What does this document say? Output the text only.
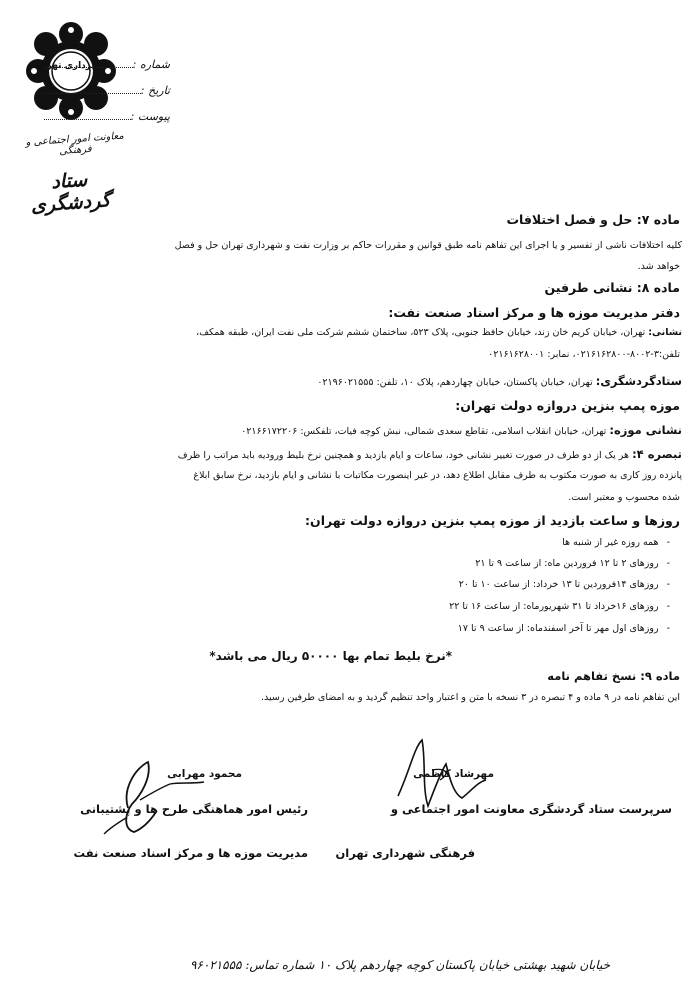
شهرداری تهران
معاونت امور اجتماعی و فرهنگی
ستاد گردشگری
شماره :
تاریخ :
پیوست :
ماده ۷: حل و فصل اختلافات
کلیه اختلافات ناشی از تفسیر و یا اجرای این تفاهم نامه طبق قوانین و مقررات حاکم بر وزارت نفت و شهرداری تهران حل و فصل
خواهد شد.
ماده ۸: نشانی طرفین
دفتر مدیریت موزه ها و مرکز اسناد صنعت نفت:
نشانی: تهران، خیابان کریم خان زند، خیابان حافظ جنوبی، پلاک ۵۲۳، ساختمان ششم شرکت ملی نفت ایران، طبقه همکف،
تلفن:۳-۸۰۰۲-۰۲۱۶۱۶۲۸۰۰، نمابر: ۰۲۱۶۱۶۲۸۰۰۱
ستادگردشگری: تهران، خیابان پاکستان، خیابان چهاردهم، پلاک ۱۰، تلفن: ۰۲۱۹۶۰۲۱۵۵۵
موزه پمپ بنزین دروازه دولت تهران:
نشانی موزه: تهران، خیابان انقلاب اسلامی، تقاطع سعدی شمالی، نبش کوچه فیات، تلفکس: ۰۲۱۶۶۱۷۲۲۰۶
تبصره ۴: هر یک از دو طرف در صورت تغییر نشانی خود، ساعات و ایام بازدید و همچنین نرخ بلیط ورودیه باید مراتب را ظرف
پانزده روز کاری به صورت مکتوب به طرف مقابل اطلاع دهد، در غیر اینصورت مکاتبات با نشانی و ایام بازدید، نرخ سابق ابلاغ
شده محسوب و معتبر است.
روزها و ساعت بازدید از موزه پمپ بنزین دروازه دولت تهران:
-
همه روزه غیر از شنبه ها
-
روزهای ۲ تا ۱۲ فروردین ماه: از ساعت ۹ تا ۲۱
-
روزهای ۱۴فروردین تا ۱۳ خرداد: از ساعت ۱۰ تا ۲۰
-
روزهای ۱۶خرداد تا ۳۱ شهریورماه: از ساعت ۱۶ تا ۲۲
-
روزهای اول مهر تا آخر اسفندماه: از ساعت ۹ تا ۱۷
*نرخ بلیط تمام بها ۵۰۰۰۰ ریال می باشد*
ماده ۹: نسخ تفاهم نامه
این تفاهم نامه در ۹ ماده و ۴ تبصره در ۳ نسخه با متن و اعتبار واحد تنظیم گردید و به امضای طرفین رسید.
مهرشاد کاظمی
سرپرست ستاد گردشگری معاونت امور اجتماعی و
فرهنگی شهرداری تهران
محمود مهرابی
رئیس امور هماهنگی طرح ها و پشتیبانی
مدیریت موزه ها و مرکز اسناد صنعت نفت
خیابان شهید بهشتی خیابان پاکستان کوچه چهاردهم پلاک ۱۰ شماره تماس: ۹۶۰۲۱۵۵۵
